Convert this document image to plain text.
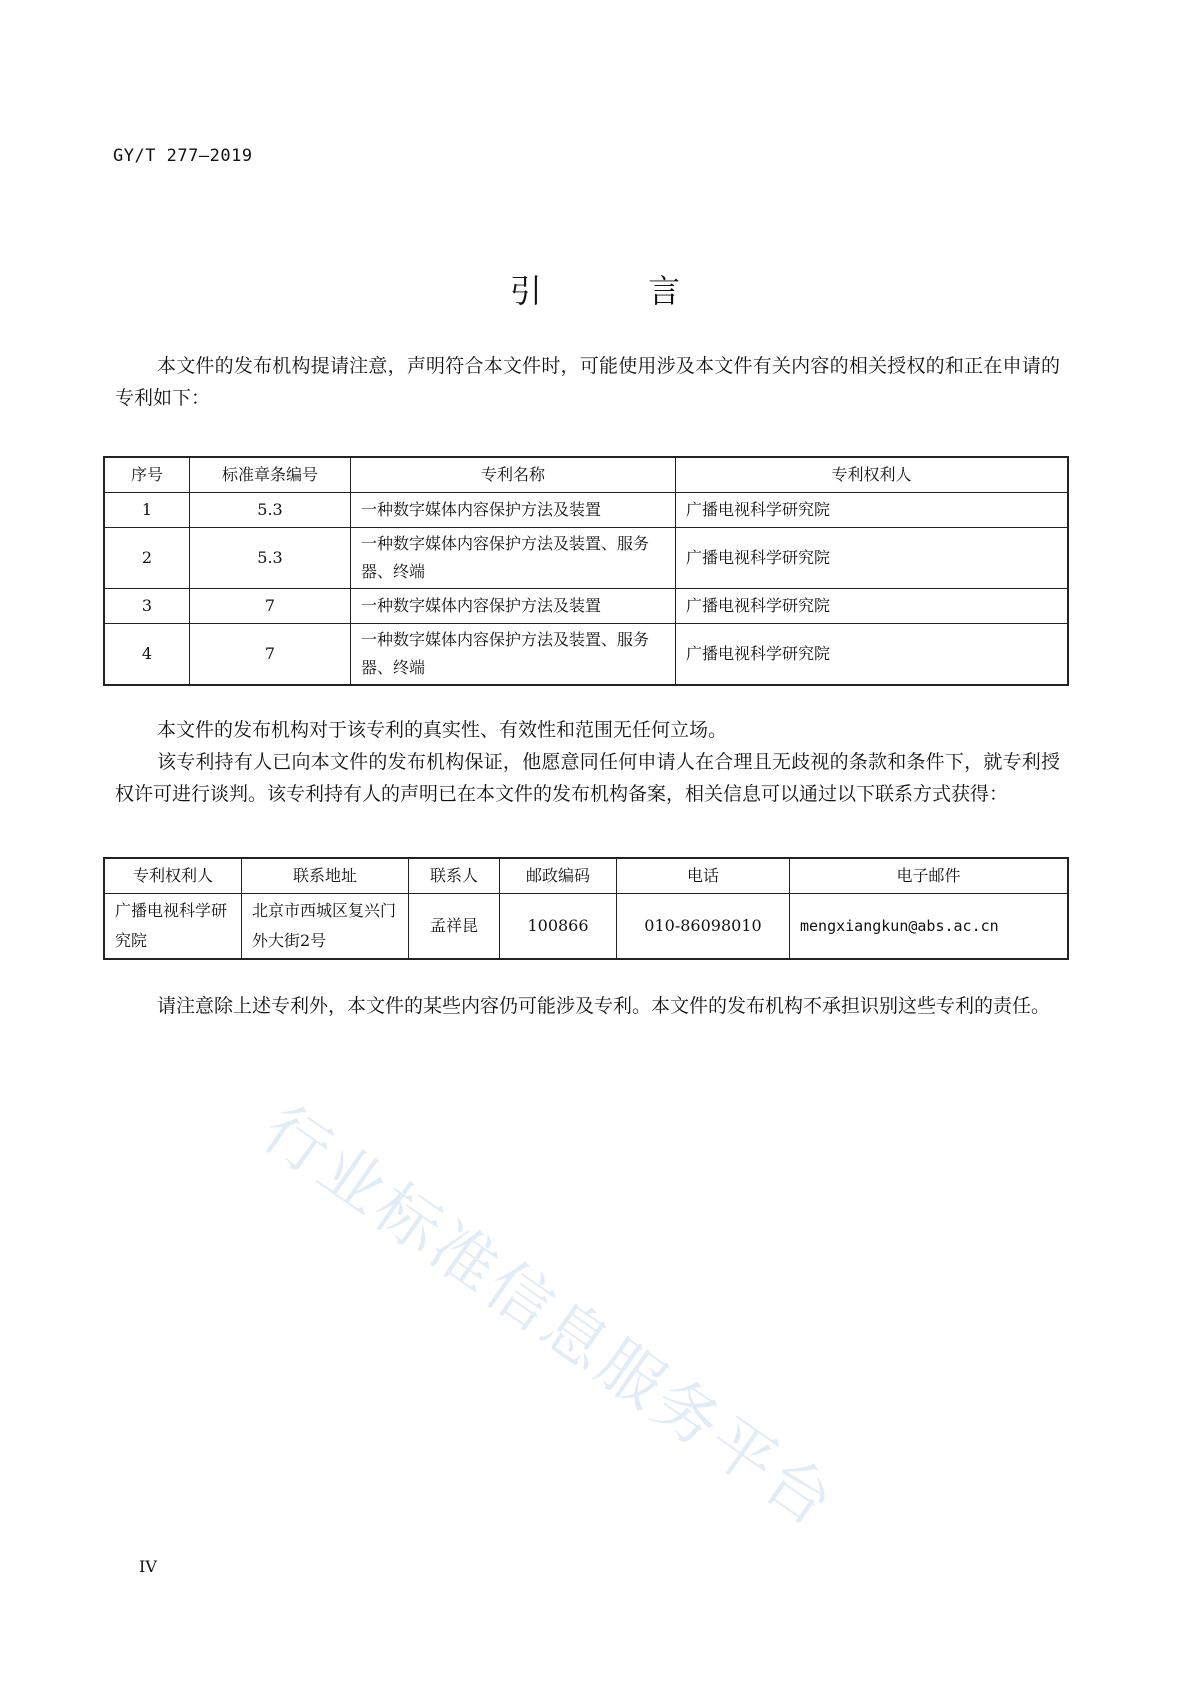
GY/T 277—2019
引 言

本文件的发布机构提请注意，声明符合本文件时，可能使用涉及本文件有关内容的相关授权的和正在申请的专利如下：

序号	标准章条编号	专利名称	专利权利人
1	5.3	一种数字媒体内容保护方法及装置	广播电视科学研究院
2	5.3	一种数字媒体内容保护方法及装置、服务器、终端	广播电视科学研究院
3	7	一种数字媒体内容保护方法及装置	广播电视科学研究院
4	7	一种数字媒体内容保护方法及装置、服务器、终端	广播电视科学研究院

本文件的发布机构对于该专利的真实性、有效性和范围无任何立场。

该专利持有人已向本文件的发布机构保证，他愿意同任何申请人在合理且无歧视的条款和条件下，就专利授权许可进行谈判。该专利持有人的声明已在本文件的发布机构备案，相关信息可以通过以下联系方式获得：

专利权利人	联系地址	联系人	邮政编码	电话	电子邮件
广播电视科学研究院	北京市西城区复兴门外大街2号	孟祥昆	100866	010-86098010	mengxiangkun@abs.ac.cn

请注意除上述专利外，本文件的某些内容仍可能涉及专利。本文件的发布机构不承担识别这些专利的责任。

行业标准信息服务平台
IV
